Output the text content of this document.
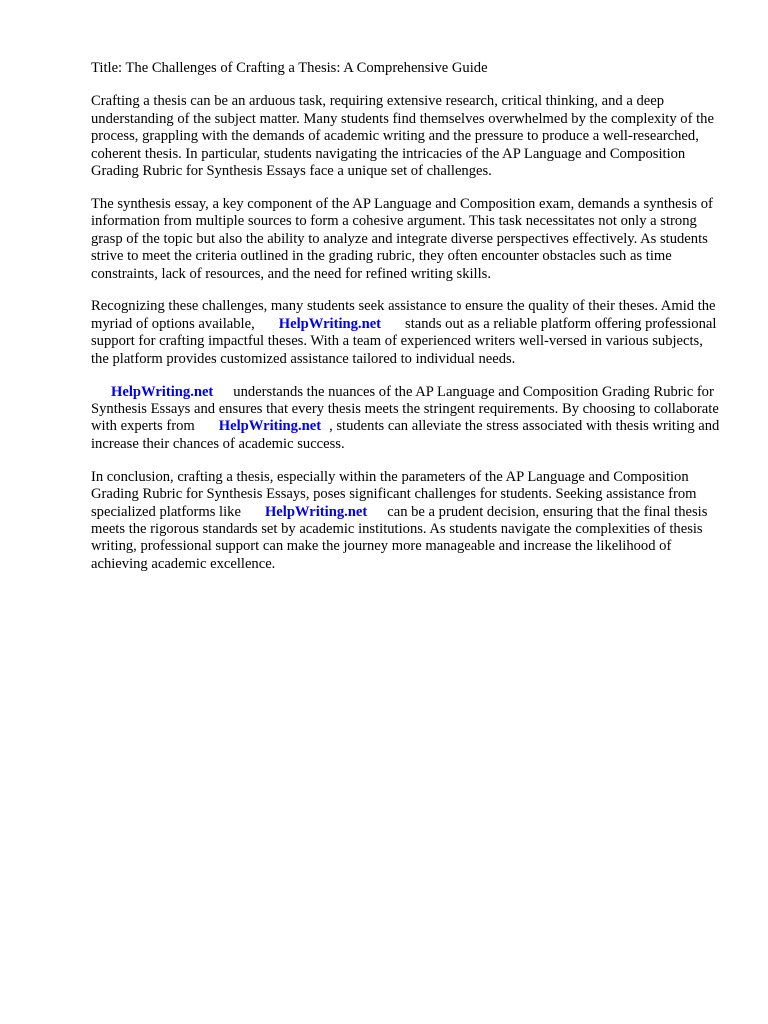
Title: The Challenges of Crafting a Thesis: A Comprehensive Guide

Crafting a thesis can be an arduous task, requiring extensive research, critical thinking, and a deep understanding of the subject matter. Many students find themselves overwhelmed by the complexity of the process, grappling with the demands of academic writing and the pressure to produce a well-researched, coherent thesis. In particular, students navigating the intricacies of the AP Language and Composition Grading Rubric for Synthesis Essays face a unique set of challenges.

The synthesis essay, a key component of the AP Language and Composition exam, demands a synthesis of information from multiple sources to form a cohesive argument. This task necessitates not only a strong grasp of the topic but also the ability to analyze and integrate diverse perspectives effectively. As students strive to meet the criteria outlined in the grading rubric, they often encounter obstacles such as time constraints, lack of resources, and the need for refined writing skills.

Recognizing these challenges, many students seek assistance to ensure the quality of their theses. Amid the myriad of options available, HelpWriting.net stands out as a reliable platform offering professional support for crafting impactful theses. With a team of experienced writers well-versed in various subjects, the platform provides customized assistance tailored to individual needs.

HelpWriting.net understands the nuances of the AP Language and Composition Grading Rubric for Synthesis Essays and ensures that every thesis meets the stringent requirements. By choosing to collaborate with experts from HelpWriting.net , students can alleviate the stress associated with thesis writing and increase their chances of academic success.

In conclusion, crafting a thesis, especially within the parameters of the AP Language and Composition Grading Rubric for Synthesis Essays, poses significant challenges for students. Seeking assistance from specialized platforms like HelpWriting.net can be a prudent decision, ensuring that the final thesis meets the rigorous standards set by academic institutions. As students navigate the complexities of thesis writing, professional support can make the journey more manageable and increase the likelihood of achieving academic excellence.
